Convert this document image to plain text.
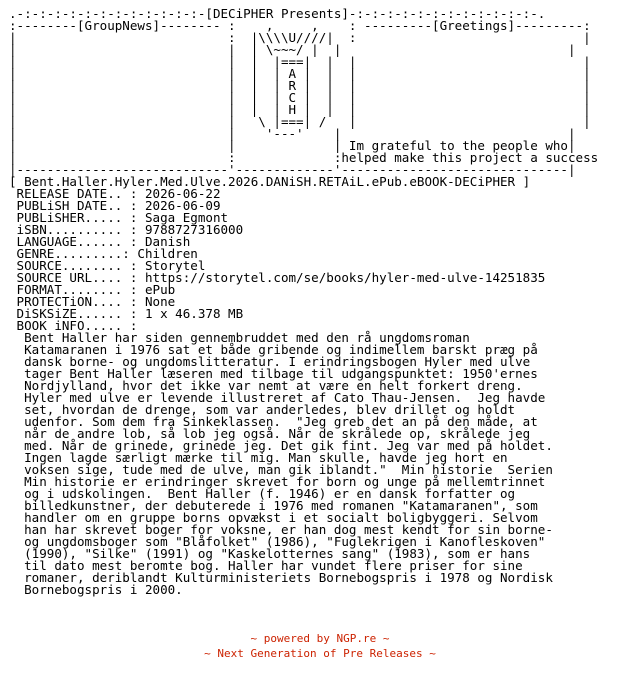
.-:-:-:-:-:-:-:-:-:-:-:-:-[DECiPHER Presents]-:-:-:-:-:-:-:-:-:-:-:-:-.
:--------[GroupNews]-------- :    ,     ,    : ---------[Greetings]---------:
|                            :  |\\\\U////|  :                              |
|                            |  | \~~~/ |  |                              |
|                            |  |  |===|  |  |                              |
|                            |  |  | A |  |  |                              |
|                            |  |  | R |  |  |                              |
|                            |  |  | C |  |  |                              |
|                            |  |  | H |  |  |                              |
|                            |   \ |===| /   |                              |
|                            |    '---'    |                              |
|                            |             | Im grateful to the people who|
|                            :             :helped make this project a success
|----------------------------'-------------'------------------------------|
[ Bent.Haller.Hyler.Med.Ulve.2026.DANiSH.RETAiL.ePub.eBOOK-DECiPHER ]
RELEASE DATE.. : 2026-06-22
PUBLiSH DATE.. : 2026-06-09
PUBLiSHER..... : Saga Egmont
iSBN.......... : 9788727316000
LANGUAGE...... : Danish
GENRE.........: Children
SOURCE........ : Storytel
SOURCE URL.... : https://storytel.com/se/books/hyler-med-ulve-14251835
FORMAT........ : ePub
PROTECTiON.... : None
DiSKSiZE...... : 1 x 46.378 MB
BOOK iNFO..... :
Bent Haller har siden gennembruddet med den rå ungdomsroman
Katamaranen i 1976 sat et både gribende og indimellem barskt præg på
dansk borne- og ungdomslitteratur. I erindringsbogen Hyler med ulve
tager Bent Haller læseren med tilbage til udgangspunktet: 1950'ernes
Nordjylland, hvor det ikke var nemt at være en helt forkert dreng.
Hyler med ulve er levende illustreret af Cato Thau-Jensen.  Jeg havde
set, hvordan de drenge, som var anderledes, blev drillet og holdt
udenfor. Som dem fra Sinkeklassen.  "Jeg greb det an på den måde, at
når de andre lob, så lob jeg også. Når de skrålede op, skrålede jeg
med. Når de grinede, grinede jeg. Det gik fint. Jeg var med på holdet.
Ingen lagde særligt mærke til mig. Man skulle, havde jeg hort en
voksen sige, tude med de ulve, man gik iblandt."  Min historie  Serien
Min historie er erindringer skrevet for born og unge på mellemtrinnet
og i udskolingen.  Bent Haller (f. 1946) er en dansk forfatter og
billedkunstner, der debuterede i 1976 med romanen "Katamaranen", som
handler om en gruppe borns opvækst i et socialt boligbyggeri. Selvom
han har skrevet boger for voksne, er han dog mest kendt for sin borne-
og ungdomsboger som "Blåfolket" (1986), "Fuglekrigen i Kanofleskoven"
(1990), "Silke" (1991) og "Kaskelotternes sang" (1983), som er hans
til dato mest beromte bog. Haller har vundet flere priser for sine
romaner, deriblandt Kulturministeriets Bornebogspris i 1978 og Nordisk
Bornebogspris i 2000.
~ powered by NGP.re ~
~ Next Generation of Pre Releases ~
